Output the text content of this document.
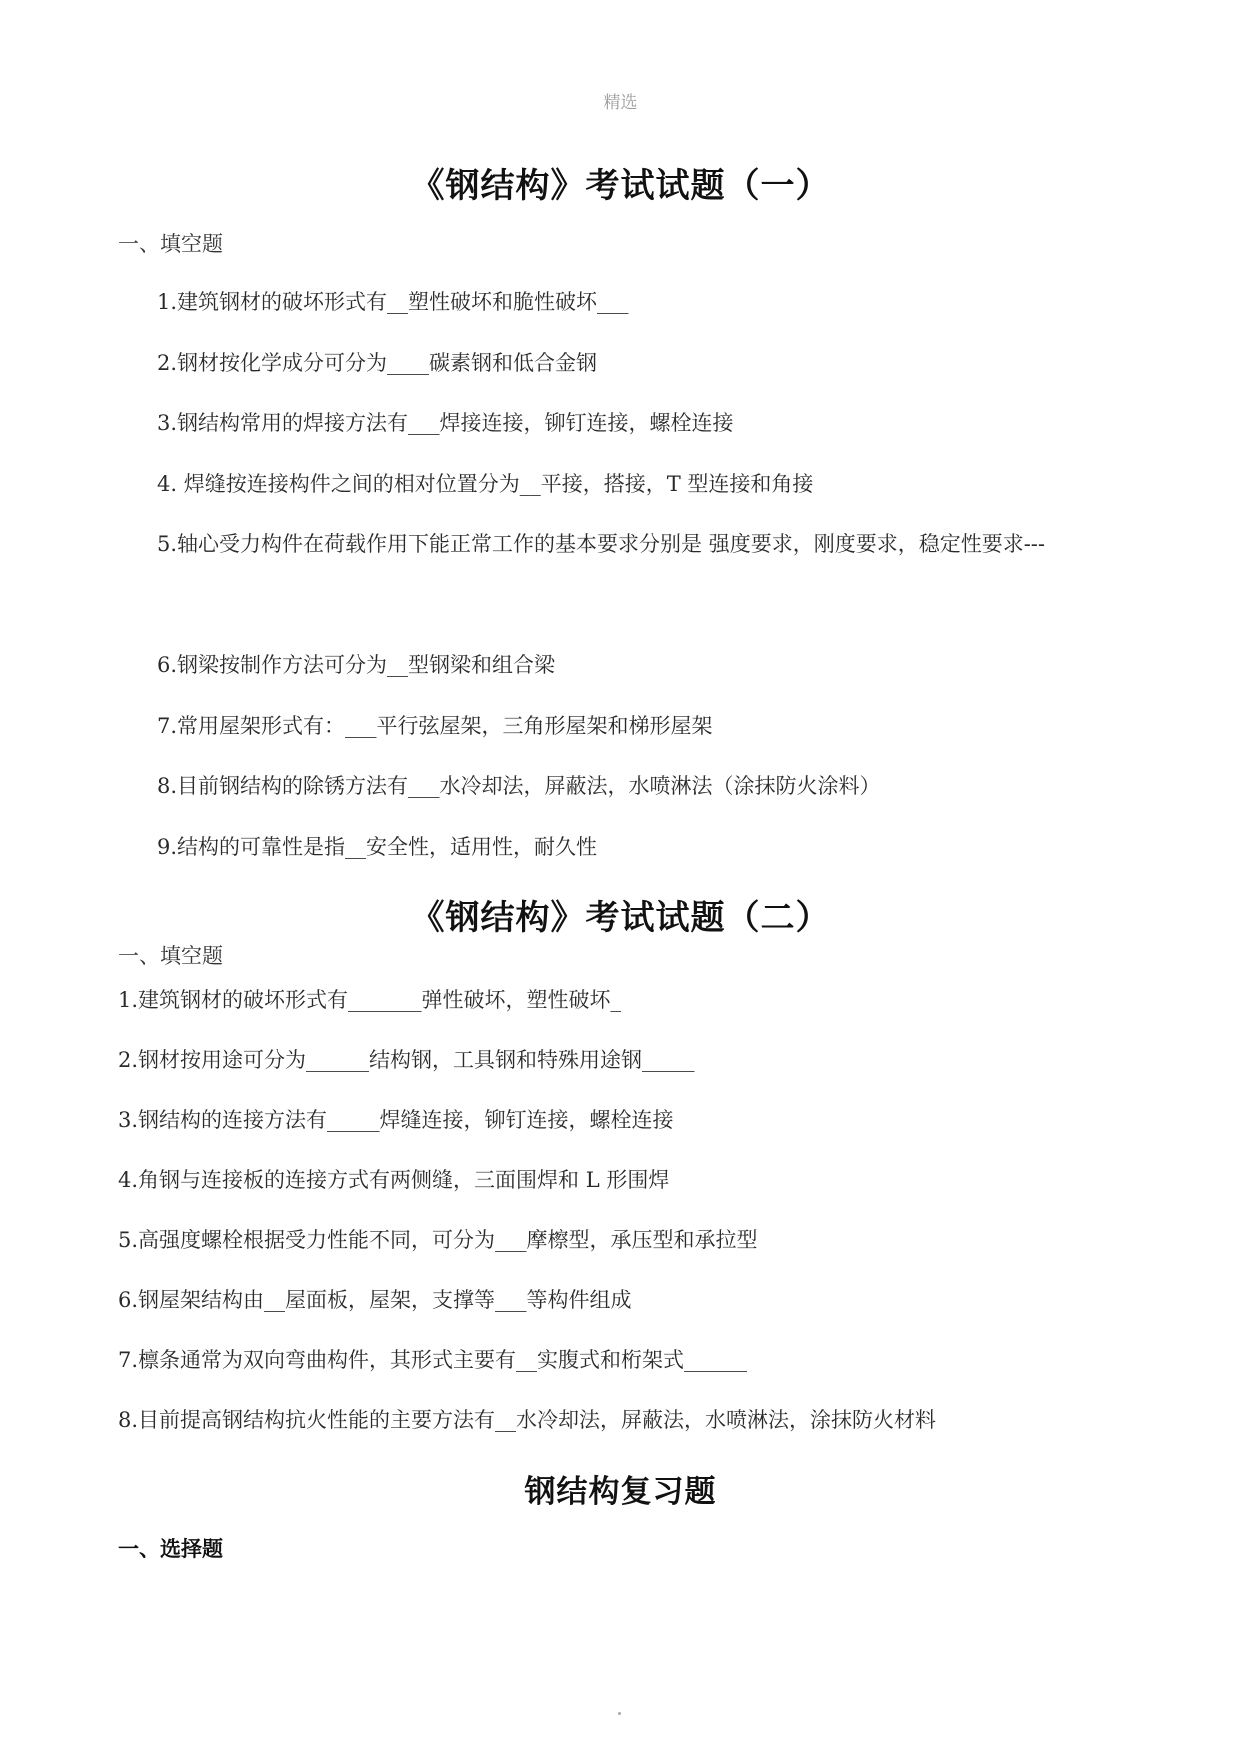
精选
《钢结构》考试试题（一）
一、填空题
1.建筑钢材的破坏形式有__塑性破坏和脆性破坏___
2.钢材按化学成分可分为____碳素钢和低合金钢
3.钢结构常用的焊接方法有___焊接连接，铆钉连接，螺栓连接
4. 焊缝按连接构件之间的相对位置分为__平接，搭接，T 型连接和角接
5.轴心受力构件在荷载作用下能正常工作的基本要求分别是 强度要求，刚度要求，稳定性要求---
6.钢梁按制作方法可分为__型钢梁和组合梁
7.常用屋架形式有：___平行弦屋架，三角形屋架和梯形屋架
8.目前钢结构的除锈方法有___水冷却法，屏蔽法，水喷淋法（涂抹防火涂料）
9.结构的可靠性是指__安全性，适用性，耐久性
《钢结构》考试试题（二）
一、填空题
1.建筑钢材的破坏形式有_______弹性破坏，塑性破坏_
2.钢材按用途可分为______结构钢，工具钢和特殊用途钢_____
3.钢结构的连接方法有_____焊缝连接，铆钉连接，螺栓连接
4.角钢与连接板的连接方式有两侧缝，三面围焊和 L 形围焊
5.高强度螺栓根据受力性能不同，可分为___摩檫型，承压型和承拉型
6.钢屋架结构由__屋面板，屋架，支撑等___等构件组成
7.檩条通常为双向弯曲构件，其形式主要有__实腹式和桁架式______
8.目前提高钢结构抗火性能的主要方法有__水冷却法，屏蔽法，水喷淋法，涂抹防火材料
钢结构复习题
一、选择题
